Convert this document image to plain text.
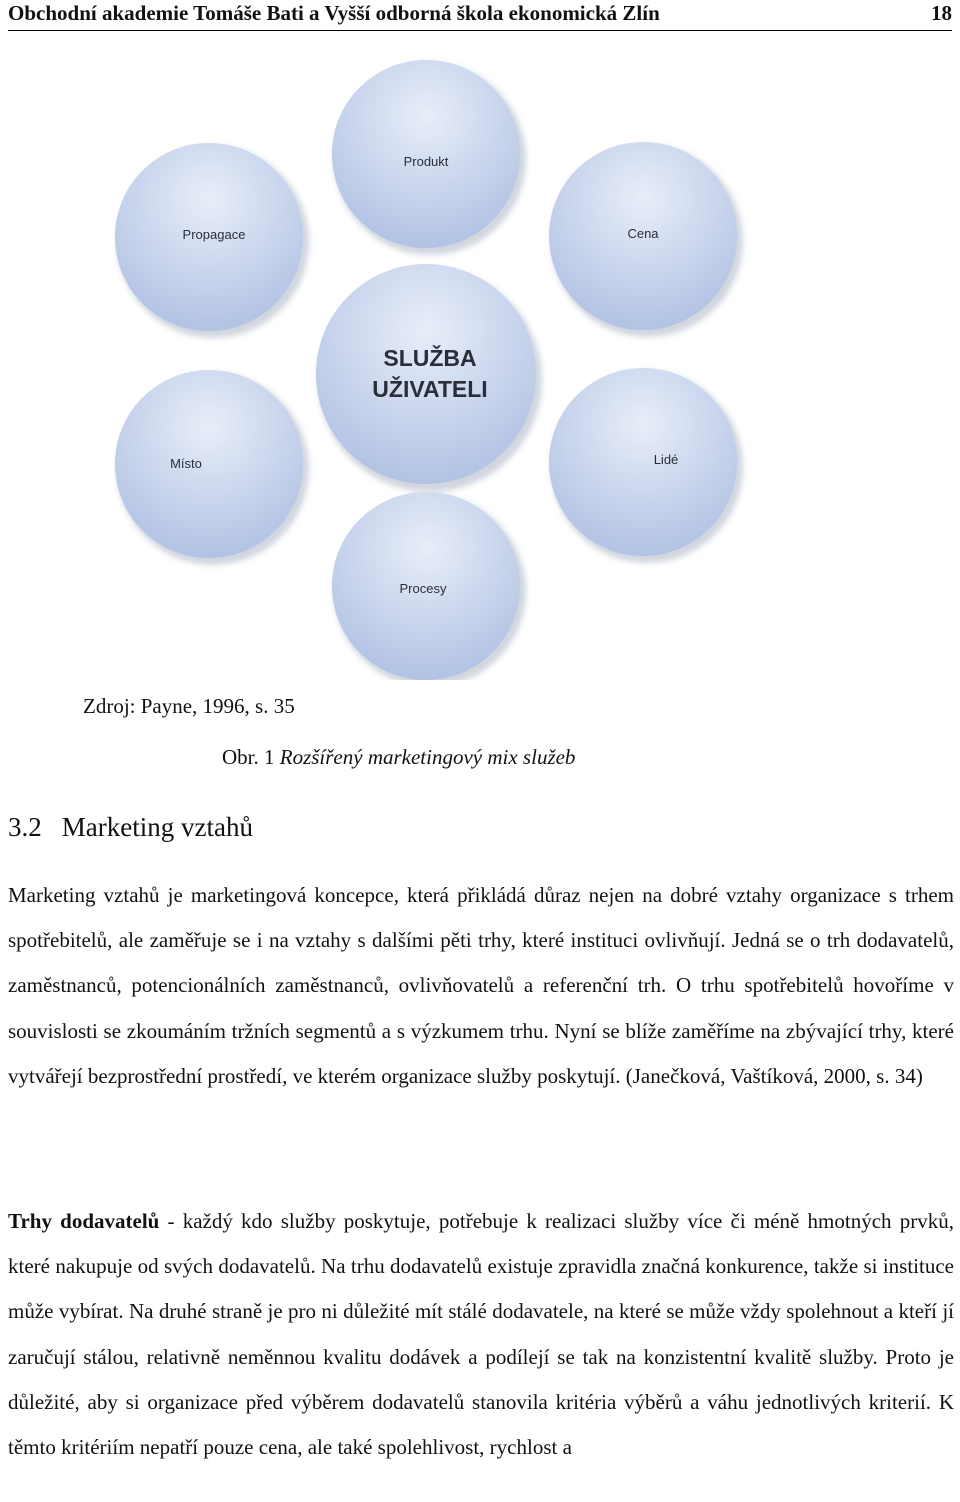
Obchodní akademie Tomáše Bati a Vyšší odborná škola ekonomická Zlín	18
Produkt
Cena
Lidé
Procesy
Místo
Propagace
SLUŽBA
UŽIVATELI
Zdroj: Payne, 1996, s. 35
Obr. 1 Rozšířený marketingový mix služeb
3.2 Marketing vztahů

Marketing vztahů je marketingová koncepce, která přikládá důraz nejen na dobré vztahy organizace s trhem spotřebitelů, ale zaměřuje se i na vztahy s dalšími pěti trhy, které instituci ovlivňují. Jedná se o trh dodavatelů, zaměstnanců, potencionálních zaměstnanců, ovlivňovatelů a referenční trh. O trhu spotřebitelů hovoříme v souvislosti se zkoumáním tržních segmentů a s výzkumem trhu. Nyní se blíže zaměříme na zbývající trhy, které vytvářejí bezprostřední prostředí, ve kterém organizace služby poskytují. (Janečková, Vaštíková, 2000, s. 34)

Trhy dodavatelů - každý kdo služby poskytuje, potřebuje k realizaci služby více či méně hmotných prvků, které nakupuje od svých dodavatelů. Na trhu dodavatelů existuje zpravidla značná konkurence, takže si instituce může vybírat. Na druhé straně je pro ni důležité mít stálé dodavatele, na které se může vždy spolehnout a kteří jí zaručují stálou, relativně neměnnou kvalitu dodávek a podílejí se tak na konzistentní kvalitě služby. Proto je důležité, aby si organizace před výběrem dodavatelů stanovila kritéria výběrů a váhu jednotlivých kriterií. K těmto kritériím nepatří pouze cena, ale také spolehlivost, rychlost a
